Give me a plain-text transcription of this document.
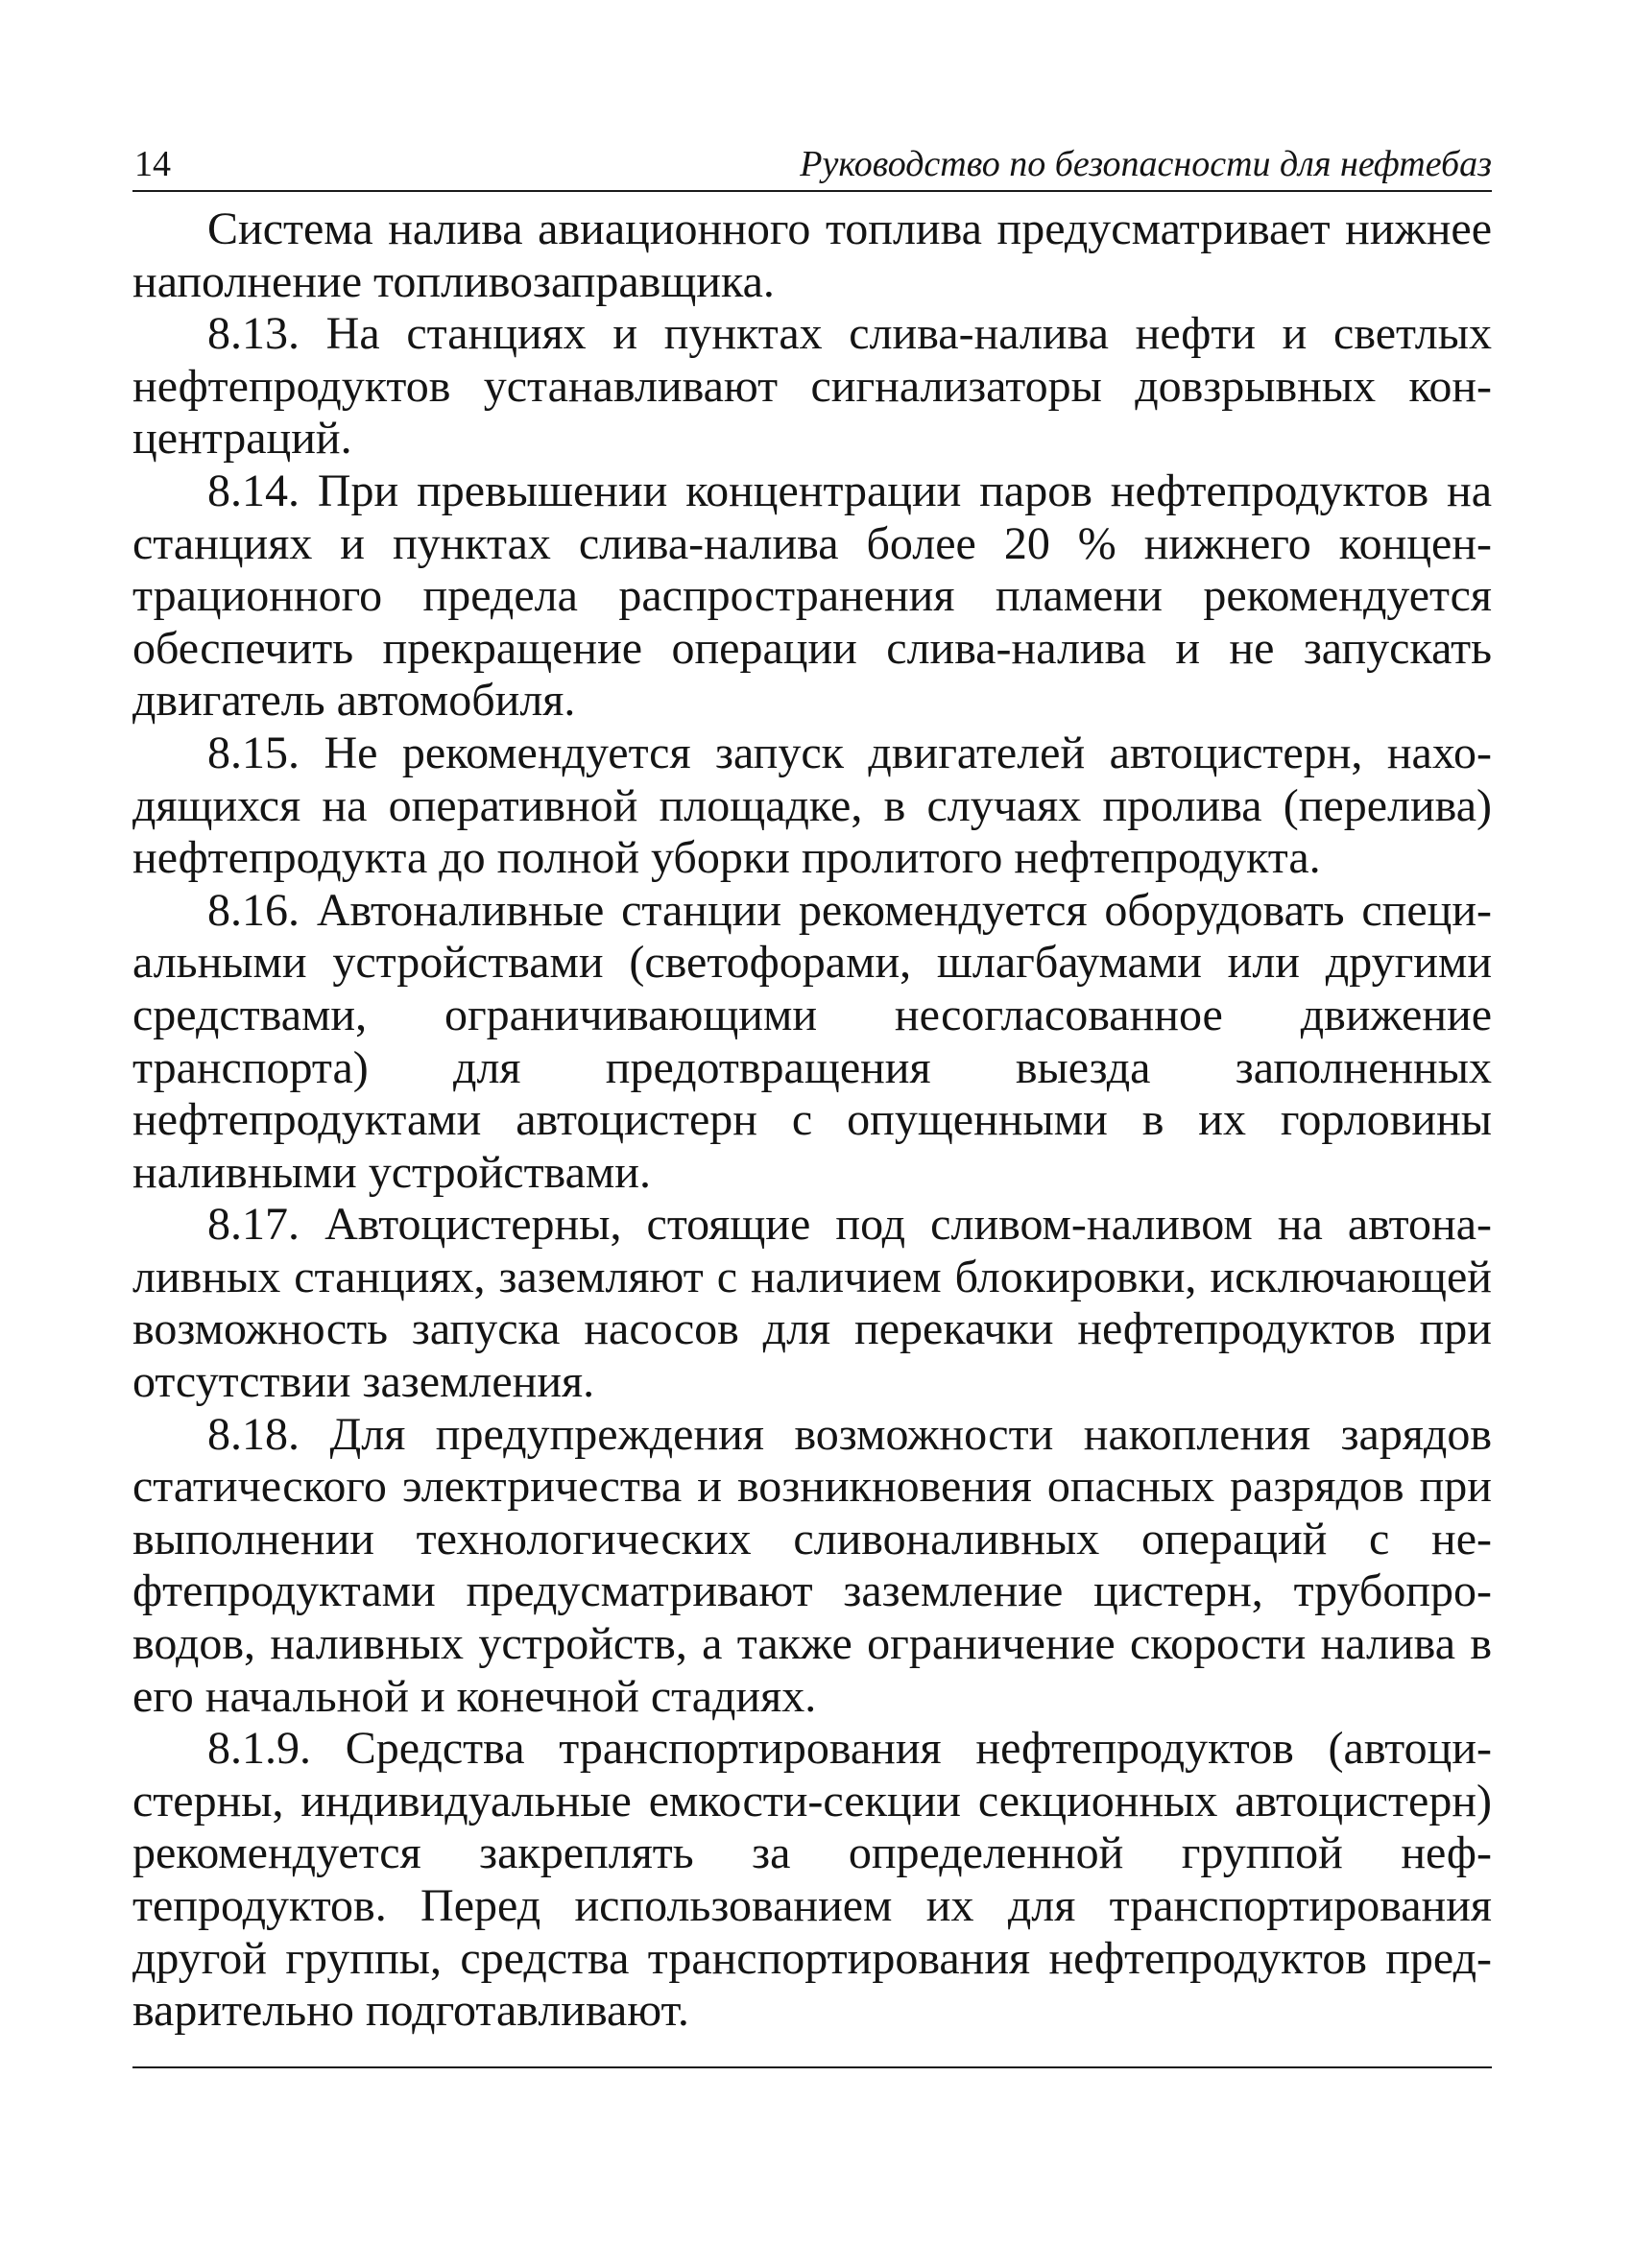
14	Руководство по безопасности для нефтебаз

Система налива авиационного топлива предусматривает нижнее наполнение топливозаправщика.

8.13. На станциях и пунктах слива-налива нефти и светлых нефтепродуктов устанавливают сигнализаторы довзрывных концентраций.

8.14. При превышении концентрации паров нефтепродуктов на станциях и пунктах слива-налива более 20 % нижнего концентрационного предела распространения пламени рекомендуется обеспечить прекращение операции слива-налива и не запускать двигатель автомобиля.

8.15. Не рекомендуется запуск двигателей автоцистерн, находящихся на оперативной площадке, в случаях пролива (перелива) нефтепродукта до полной уборки пролитого нефтепродукта.

8.16. Автоналивные станции рекомендуется оборудовать специальными устройствами (светофорами, шлагбаумами или другими средствами, ограничивающими несогласованное движение транспорта) для предотвращения выезда заполненных нефтепродуктами автоцистерн с опущенными в их горловины наливными устройствами.

8.17. Автоцистерны, стоящие под сливом-наливом на автоналивных станциях, заземляют с наличием блокировки, исключающей возможность запуска насосов для перекачки нефтепродуктов при отсутствии заземления.

8.18. Для предупреждения возможности накопления зарядов статического электричества и возникновения опасных разрядов при выполнении технологических сливоналивных операций с нефтепродуктами предусматривают заземление цистерн, трубопроводов, наливных устройств, а также ограничение скорости налива в его начальной и конечной стадиях.

8.1.9. Средства транспортирования нефтепродуктов (автоцистерны, индивидуальные емкости-секции секционных автоцистерн) рекомендуется закреплять за определенной группой нефтепродуктов. Перед использованием их для транспортирования другой группы, средства транспортирования нефтепродуктов предварительно подготавливают.
